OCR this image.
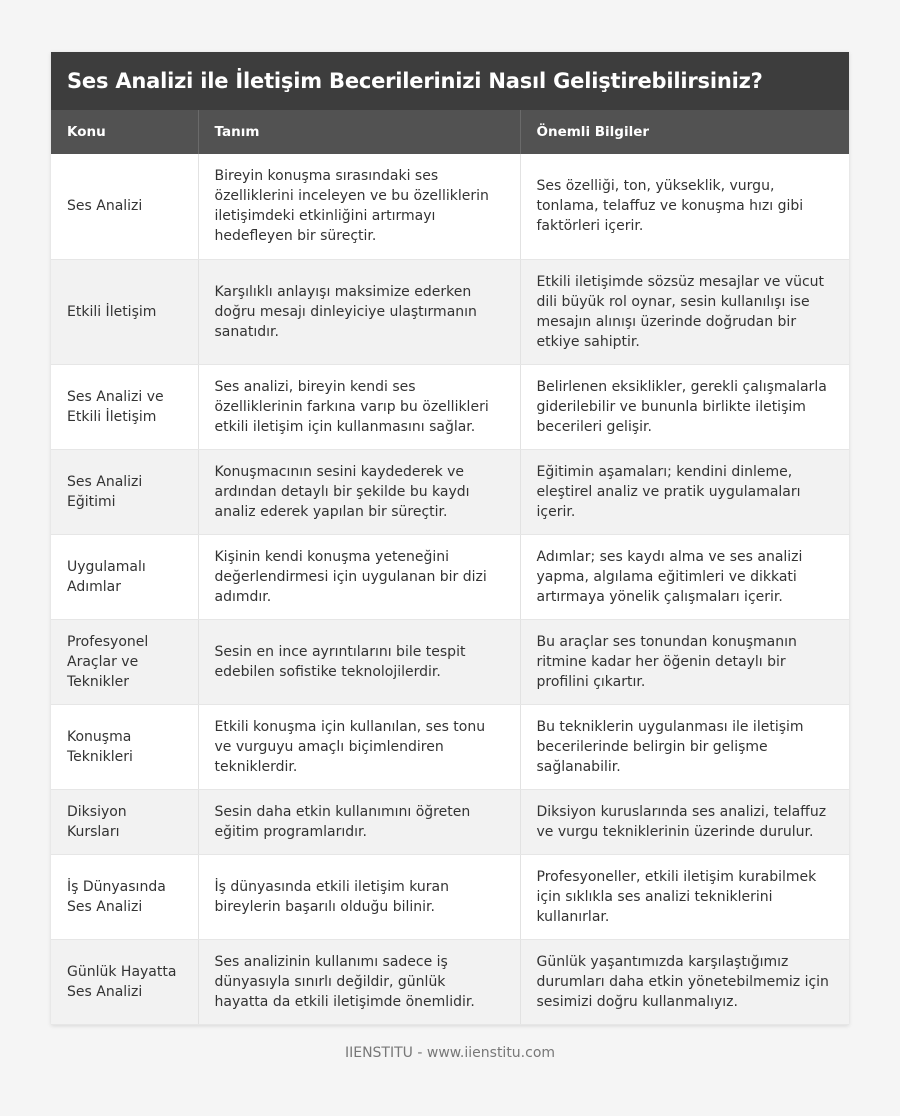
Ses Analizi ile İletişim Becerilerinizi Nasıl Geliştirebilirsiniz?
Konu	Tanım	Önemli Bilgiler
Ses Analizi	Bireyin konuşma sırasındaki ses özelliklerini inceleyen ve bu özelliklerin iletişimdeki etkinliğini artırmayı hedefleyen bir süreçtir.	Ses özelliği, ton, yükseklik, vurgu, tonlama, telaffuz ve konuşma hızı gibi faktörleri içerir.
Etkili İletişim	Karşılıklı anlayışı maksimize ederken doğru mesajı dinleyiciye ulaştırmanın sanatıdır.	Etkili iletişimde sözsüz mesajlar ve vücut dili büyük rol oynar, sesin kullanılışı ise mesajın alınışı üzerinde doğrudan bir etkiye sahiptir.
Ses Analizi ve Etkili İletişim	Ses analizi, bireyin kendi ses özelliklerinin farkına varıp bu özellikleri etkili iletişim için kullanmasını sağlar.	Belirlenen eksiklikler, gerekli çalışmalarla giderilebilir ve bununla birlikte iletişim becerileri gelişir.
Ses Analizi Eğitimi	Konuşmacının sesini kaydederek ve ardından detaylı bir şekilde bu kaydı analiz ederek yapılan bir süreçtir.	Eğitimin aşamaları; kendini dinleme, eleştirel analiz ve pratik uygulamaları içerir.
Uygulamalı Adımlar	Kişinin kendi konuşma yeteneğini değerlendirmesi için uygulanan bir dizi adımdır.	Adımlar; ses kaydı alma ve ses analizi yapma, algılama eğitimleri ve dikkati artırmaya yönelik çalışmaları içerir.
Profesyonel Araçlar ve Teknikler	Sesin en ince ayrıntılarını bile tespit edebilen sofistike teknolojilerdir.	Bu araçlar ses tonundan konuşmanın ritmine kadar her öğenin detaylı bir profilini çıkartır.
Konuşma Teknikleri	Etkili konuşma için kullanılan, ses tonu ve vurguyu amaçlı biçimlendiren tekniklerdir.	Bu tekniklerin uygulanması ile iletişim becerilerinde belirgin bir gelişme sağlanabilir.
Diksiyon Kursları	Sesin daha etkin kullanımını öğreten eğitim programlarıdır.	Diksiyon kuruslarında ses analizi, telaffuz ve vurgu tekniklerinin üzerinde durulur.
İş Dünyasında Ses Analizi	İş dünyasında etkili iletişim kuran bireylerin başarılı olduğu bilinir.	Profesyoneller, etkili iletişim kurabilmek için sıklıkla ses analizi tekniklerini kullanırlar.
Günlük Hayatta Ses Analizi	Ses analizinin kullanımı sadece iş dünyasıyla sınırlı değildir, günlük hayatta da etkili iletişimde önemlidir.	Günlük yaşantımızda karşılaştığımız durumları daha etkin yönetebilmemiz için sesimizi doğru kullanmalıyız.
IIENSTITU - www.iienstitu.com
